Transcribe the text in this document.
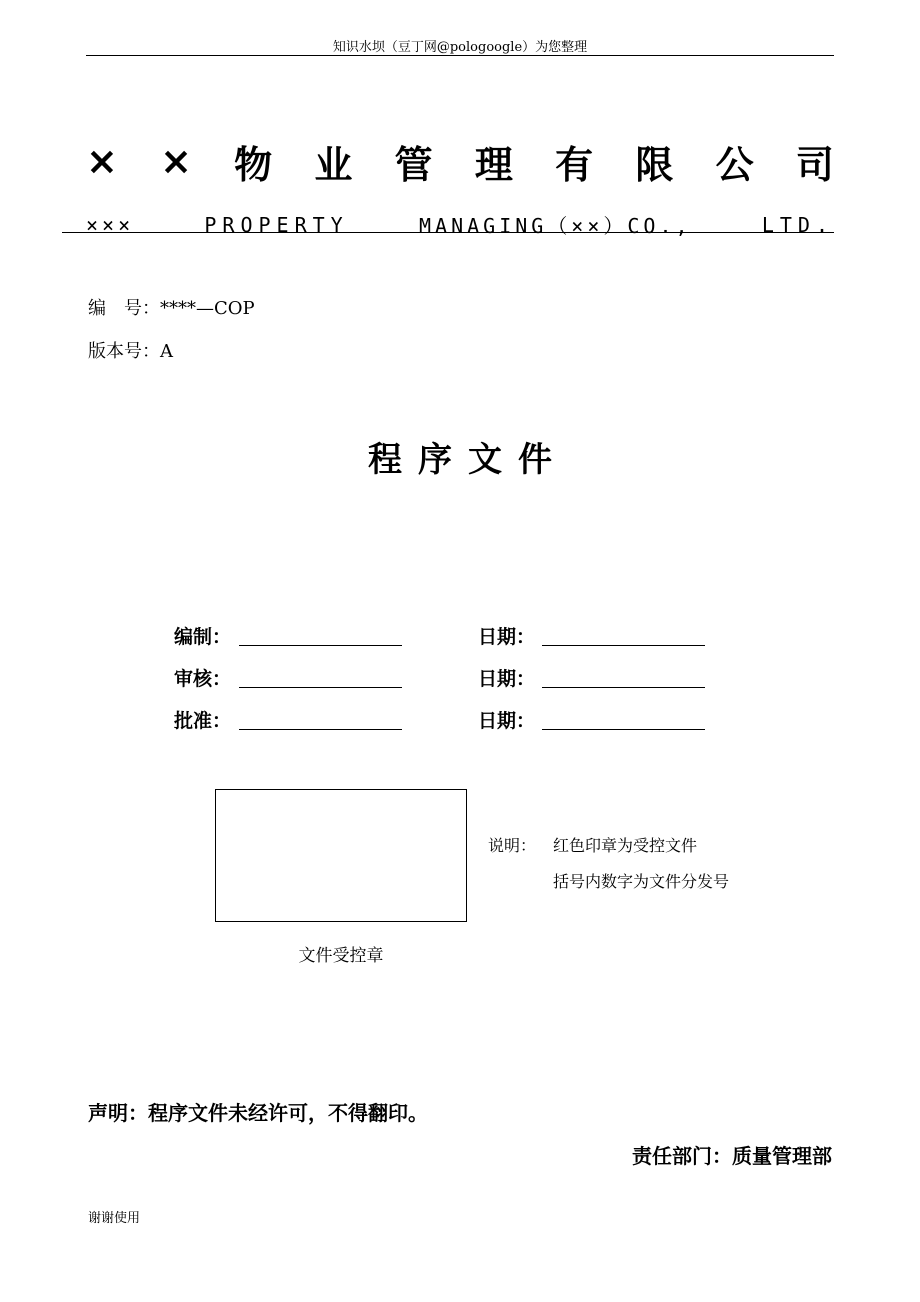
知识水坝（豆丁网@pologoogle）为您整理
× × 物 业 管 理 有 限 公 司
×××	PROPERTY	MANAGING（××）CO.,	LTD.
编　号：****—COP
版本号：A
程序文件
编制：	日期：
审核：	日期：
批准：	日期：
文件受控章
说明： 红色印章为受控文件
括号内数字为文件分发号
声明：程序文件未经许可，不得翻印。
责任部门：质量管理部
谢谢使用
